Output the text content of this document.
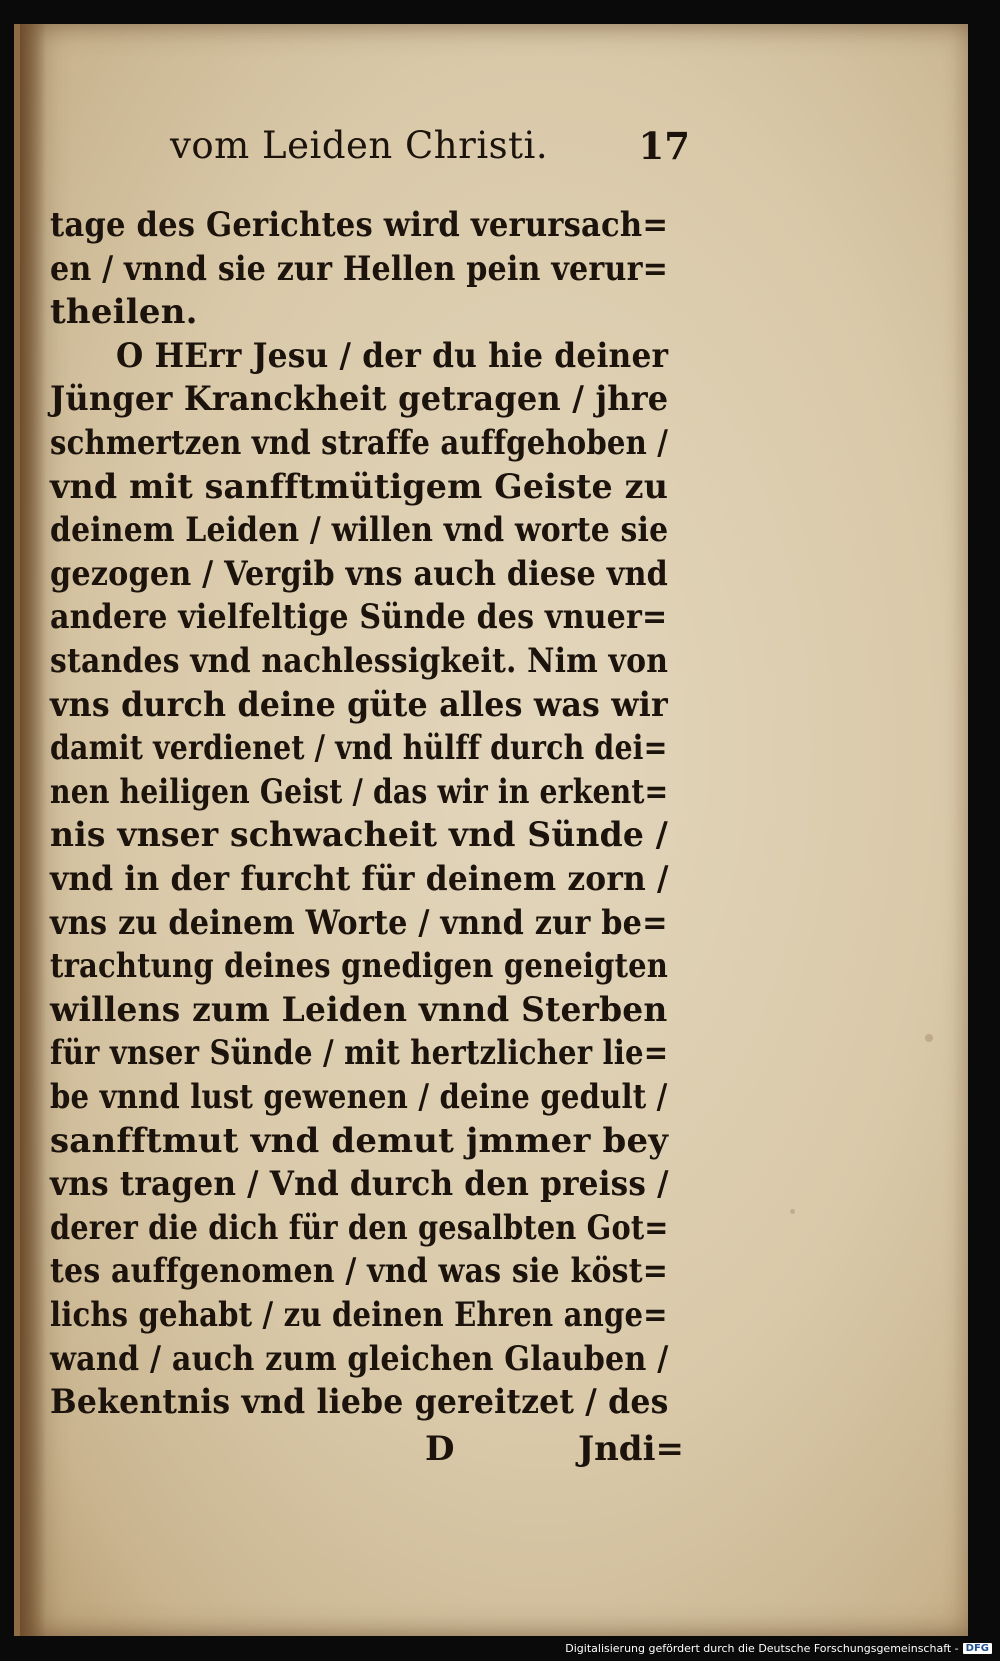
vom Leiden Christi. 17
tage des Gerichtes wird verursach=
en / vnnd sie zur Hellen pein verur=
theilen.
O HErr Jesu / der du hie deiner
Jünger Kranckheit getragen / jhre
schmertzen vnd straffe auffgehoben /
vnd mit sanfftmütigem Geiste zu
deinem Leiden / willen vnd worte sie
gezogen / Vergib vns auch diese vnd
andere vielfeltige Sünde des vnuer=
standes vnd nachlessigkeit. Nim von
vns durch deine güte alles was wir
damit verdienet / vnd hülff durch dei=
nen heiligen Geist / das wir in erkent=
nis vnser schwacheit vnd Sünde /
vnd in der furcht für deinem zorn /
vns zu deinem Worte / vnnd zur be=
trachtung deines gnedigen geneigten
willens zum Leiden vnnd Sterben
für vnser Sünde / mit hertzlicher lie=
be vnnd lust gewenen / deine gedult /
sanfftmut vnd demut jmmer bey
vns tragen / Vnd durch den preiss /
derer die dich für den gesalbten Got=
tes auffgenomen / vnd was sie köst=
lichs gehabt / zu deinen Ehren ange=
wand / auch zum gleichen Glauben /
Bekentnis vnd liebe gereitzet / des
D	Jndi=
Digitalisierung gefördert durch die Deutsche Forschungsgemeinschaft - DFG
